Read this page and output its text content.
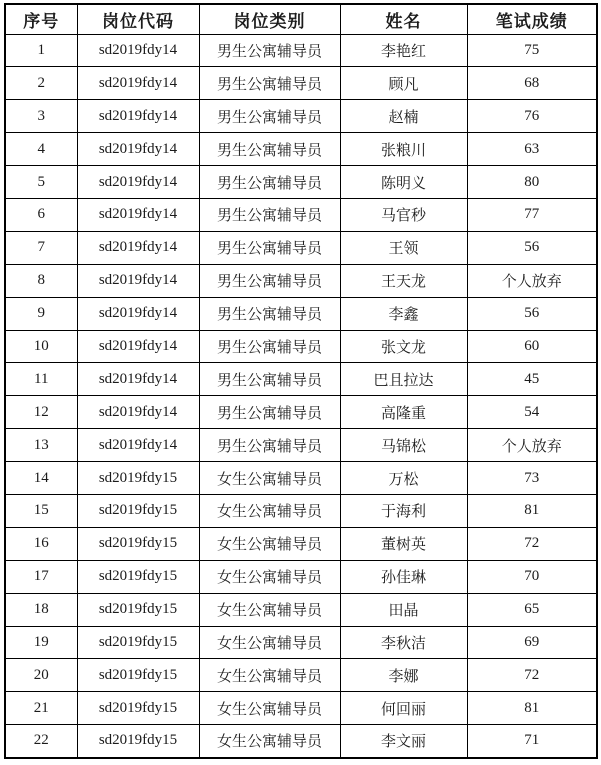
序号	岗位代码	岗位类别	姓名	笔试成绩
1	sd2019fdy14	男生公寓辅导员	李艳红	75
2	sd2019fdy14	男生公寓辅导员	顾凡	68
3	sd2019fdy14	男生公寓辅导员	赵楠	76
4	sd2019fdy14	男生公寓辅导员	张粮川	63
5	sd2019fdy14	男生公寓辅导员	陈明义	80
6	sd2019fdy14	男生公寓辅导员	马官秒	77
7	sd2019fdy14	男生公寓辅导员	王领	56
8	sd2019fdy14	男生公寓辅导员	王天龙	个人放弃
9	sd2019fdy14	男生公寓辅导员	李鑫	56
10	sd2019fdy14	男生公寓辅导员	张文龙	60
11	sd2019fdy14	男生公寓辅导员	巴且拉达	45
12	sd2019fdy14	男生公寓辅导员	高隆重	54
13	sd2019fdy14	男生公寓辅导员	马锦松	个人放弃
14	sd2019fdy15	女生公寓辅导员	万松	73
15	sd2019fdy15	女生公寓辅导员	于海利	81
16	sd2019fdy15	女生公寓辅导员	董树英	72
17	sd2019fdy15	女生公寓辅导员	孙佳琳	70
18	sd2019fdy15	女生公寓辅导员	田晶	65
19	sd2019fdy15	女生公寓辅导员	李秋洁	69
20	sd2019fdy15	女生公寓辅导员	李娜	72
21	sd2019fdy15	女生公寓辅导员	何回丽	81
22	sd2019fdy15	女生公寓辅导员	李文丽	71
